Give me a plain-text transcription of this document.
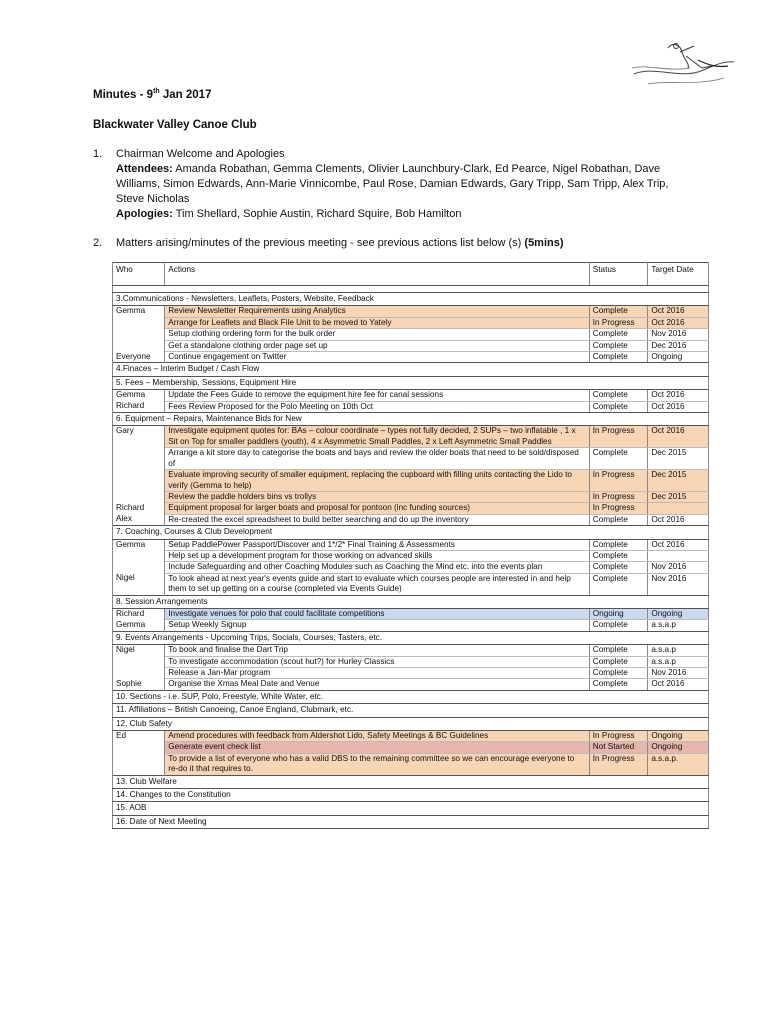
Minutes - 9th Jan 2017
Blackwater Valley Canoe Club
1. Chairman Welcome and Apologies
Attendees: Amanda Robathan, Gemma Clements, Olivier Launchbury-Clark, Ed Pearce, Nigel Robathan, Dave Williams, Simon Edwards, Ann-Marie Vinnicombe, Paul Rose, Damian Edwards, Gary Tripp, Sam Tripp, Alex Trip, Steve Nicholas
Apologies: Tim Shellard, Sophie Austin, Richard Squire, Bob Hamilton
2. Matters arising/minutes of the previous meeting - see previous actions list below (s) (5mins)
Who	Actions	Status	Target Date

3.Communications - Newsletters, Leaflets, Posters, Website, Feedback			
Gemma	Review Newsletter Requirements using Analytics	Complete	Oct 2016
	Arrange for Leaflets and Black File Unit to be moved to Yately	In Progress	Oct 2016
	Setup clothing ordering form for the bulk order	Complete	Nov 2016
	Get a standalone clothing order page set up	Complete	Dec 2016
Everyone	Continue engagement on Twitter	Complete	Ongoing
4.Finaces – Interim Budget / Cash Flow			
5. Fees – Membership, Sessions, Equipment Hire			
Gemma	Update the Fees Guide to remove the equipment hire fee for canal sessions	Complete	Oct 2016
Richard	Fees Review Proposed for the Polo Meeting on 10th Oct	Complete	Oct 2016
6. Equipment – Repairs, Maintenance Bids for New			
Gary	Investigate equipment quotes for: BAs – colour coordinate – types not fully decided, 2 SUPs – two inflatable , 1 x Sit on Top for smaller paddlers (youth), 4 x Asymmetric Small Paddles, 2 x Left Asymmetric Small Paddles	In Progress	Oct 2016
	Arrange a kit store day to categorise the boats and bays and review the older boats that need to be sold/disposed of	Complete	Dec 2015
	Evaluate improving security of smaller equipment, replacing the cupboard with filling units contacting the Lido to verify (Gemma to help)	In Progress	Dec 2015
	Review the paddle holders bins vs trollys	In Progress	Dec 2015
Richard	Equipment proposal for larger boats and proposal for pontoon (inc funding sources)	In Progress	
Alex	Re-created the excel spreadsheet to build better searching and do up the inventory	Complete	Oct 2016
7. Coaching, Courses & Club Development			
Gemma	Setup PaddlePower Passport/Discover and 1*/2* Final Training & Assessments	Complete	Oct 2016
	Help set up a development program for those working on advanced skills	Complete	
	Include Safeguarding and other Coaching Modules such as Coaching the Mind etc. into the events plan	Complete	Nov 2016
Nigel	To look ahead at next year's events guide and start to evaluate which courses people are interested in and help them to set up getting on a course (completed via Events Guide)	Complete	Nov 2016
8. Session Arrangements			
Richard	Investigate venues for polo that could facilitate competitions	Ongoing	Ongoing
Gemma	Setup Weekly Signup	Complete	a.s.a.p
9. Events Arrangements - Upcoming Trips, Socials, Courses, Tasters, etc.			
Nigel	To book and finalise the Dart Trip	Complete	a.s.a.p
	To investigate accommodation (scout hut?) for Hurley Classics	Complete	a.s.a.p
	Release a Jan-Mar program	Complete	Nov 2016
Sophie	Organise the Xmas Meal Date and Venue	Complete	Oct 2016
10. Sections - i.e. SUP, Polo, Freestyle, White Water, etc.			
11. Affiliations – British Canoeing, Canoe England, Clubmark, etc.			
12. Club Safety			
Ed	Amend procedures with feedback from Aldershot Lido, Safety Meetings & BC Guidelines	In Progress	Ongoing
	Generate event check list	Not Started	Ongoing
	To provide a list of everyone who has a valid DBS to the remaining committee so we can encourage everyone to re-do it that requires to.	In Progress	a.s.a.p.
13. Club Welfare			
14. Changes to the Constitution			
15. AOB			
16. Date of Next Meeting			
